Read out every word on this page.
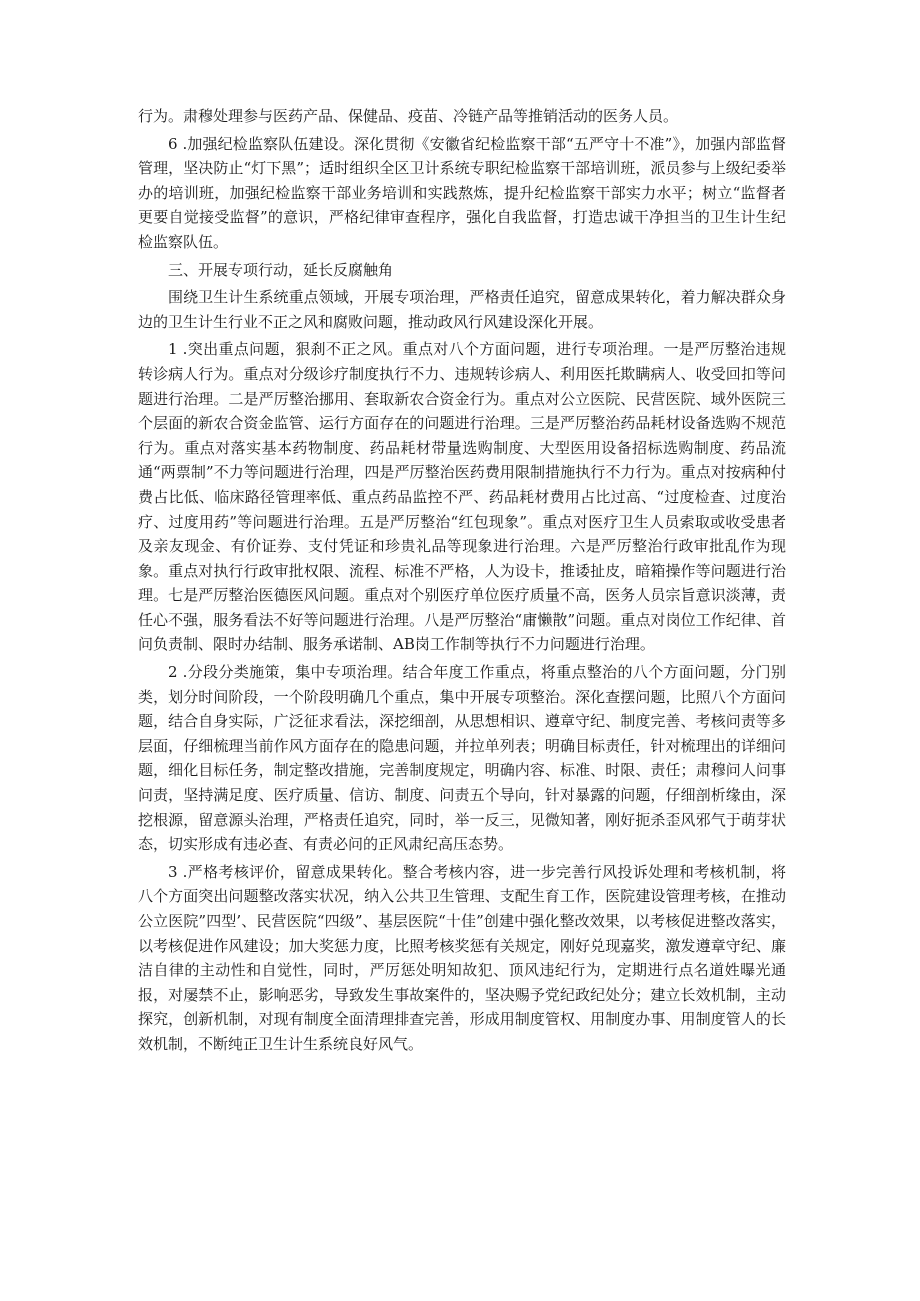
行为。肃穆处理参与医药产品、保健品、疫苗、冷链产品等推销活动的医务人员。

6 .加强纪检监察队伍建设。深化贯彻《安徽省纪检监察干部“五严守十不准”》，加强内部监督管理，坚决防止“灯下黑”；适时组织全区卫计系统专职纪检监察干部培训班，派员参与上级纪委举办的培训班，加强纪检监察干部业务培训和实践熬炼，提升纪检监察干部实力水平；树立“监督者更要自觉接受监督”的意识，严格纪律审查程序，强化自我监督，打造忠诚干净担当的卫生计生纪检监察队伍。

三、开展专项行动，延长反腐触角

围绕卫生计生系统重点领域，开展专项治理，严格责任追究，留意成果转化，着力解决群众身边的卫生计生行业不正之风和腐败问题，推动政风行风建设深化开展。

1 .突出重点问题，狠刹不正之风。重点对八个方面问题，进行专项治理。一是严厉整治违规转诊病人行为。重点对分级诊疗制度执行不力、违规转诊病人、利用医托欺瞒病人、收受回扣等问题进行治理。二是严厉整治挪用、套取新农合资金行为。重点对公立医院、民营医院、域外医院三个层面的新农合资金监管、运行方面存在的问题进行治理。三是严厉整治药品耗材设备选购不规范行为。重点对落实基本药物制度、药品耗材带量选购制度、大型医用设备招标选购制度、药品流通“两票制”不力等问题进行治理，四是严厉整治医药费用限制措施执行不力行为。重点对按病种付费占比低、临床路径管理率低、重点药品监控不严、药品耗材费用占比过高、“过度检查、过度治疗、过度用药”等问题进行治理。五是严厉整治“红包现象”。重点对医疗卫生人员索取或收受患者及亲友现金、有价证券、支付凭证和珍贵礼品等现象进行治理。六是严厉整治行政审批乱作为现象。重点对执行行政审批权限、流程、标准不严格，人为设卡，推诿扯皮，暗箱操作等问题进行治理。七是严厉整治医德医风问题。重点对个别医疗单位医疗质量不高，医务人员宗旨意识淡薄，责任心不强，服务看法不好等问题进行治理。八是严厉整治“庸懒散”问题。重点对岗位工作纪律、首问负责制、限时办结制、服务承诺制、AB岗工作制等执行不力问题进行治理。

2 .分段分类施策，集中专项治理。结合年度工作重点，将重点整治的八个方面问题，分门别类，划分时间阶段，一个阶段明确几个重点，集中开展专项整治。深化查摆问题，比照八个方面问题，结合自身实际，广泛征求看法，深挖细剖，从思想相识、遵章守纪、制度完善、考核问责等多层面，仔细梳理当前作风方面存在的隐患问题，并拉单列表；明确目标责任，针对梳理出的详细问题，细化目标任务，制定整改措施，完善制度规定，明确内容、标准、时限、责任；肃穆问人问事问责，坚持满足度、医疗质量、信访、制度、问责五个导向，针对暴露的问题，仔细剖析缘由，深挖根源，留意源头治理，严格责任追究，同时，举一反三，见微知著，刚好扼杀歪风邪气于萌芽状态，切实形成有违必查、有责必问的正风肃纪高压态势。

3 .严格考核评价，留意成果转化。整合考核内容，进一步完善行风投诉处理和考核机制，将八个方面突出问题整改落实状况，纳入公共卫生管理、支配生育工作，医院建设管理考核，在推动公立医院”四型’、民营医院“四级”、基层医院“十佳”创建中强化整改效果，以考核促进整改落实，以考核促进作风建设；加大奖惩力度，比照考核奖惩有关规定，刚好兑现嘉奖，激发遵章守纪、廉洁自律的主动性和自觉性，同时，严厉惩处明知故犯、顶风违纪行为，定期进行点名道姓曝光通报，对屡禁不止，影响恶劣，导致发生事故案件的，坚决赐予党纪政纪处分；建立长效机制，主动探究，创新机制，对现有制度全面清理排查完善，形成用制度管权、用制度办事、用制度管人的长效机制，不断纯正卫生计生系统良好风气。
